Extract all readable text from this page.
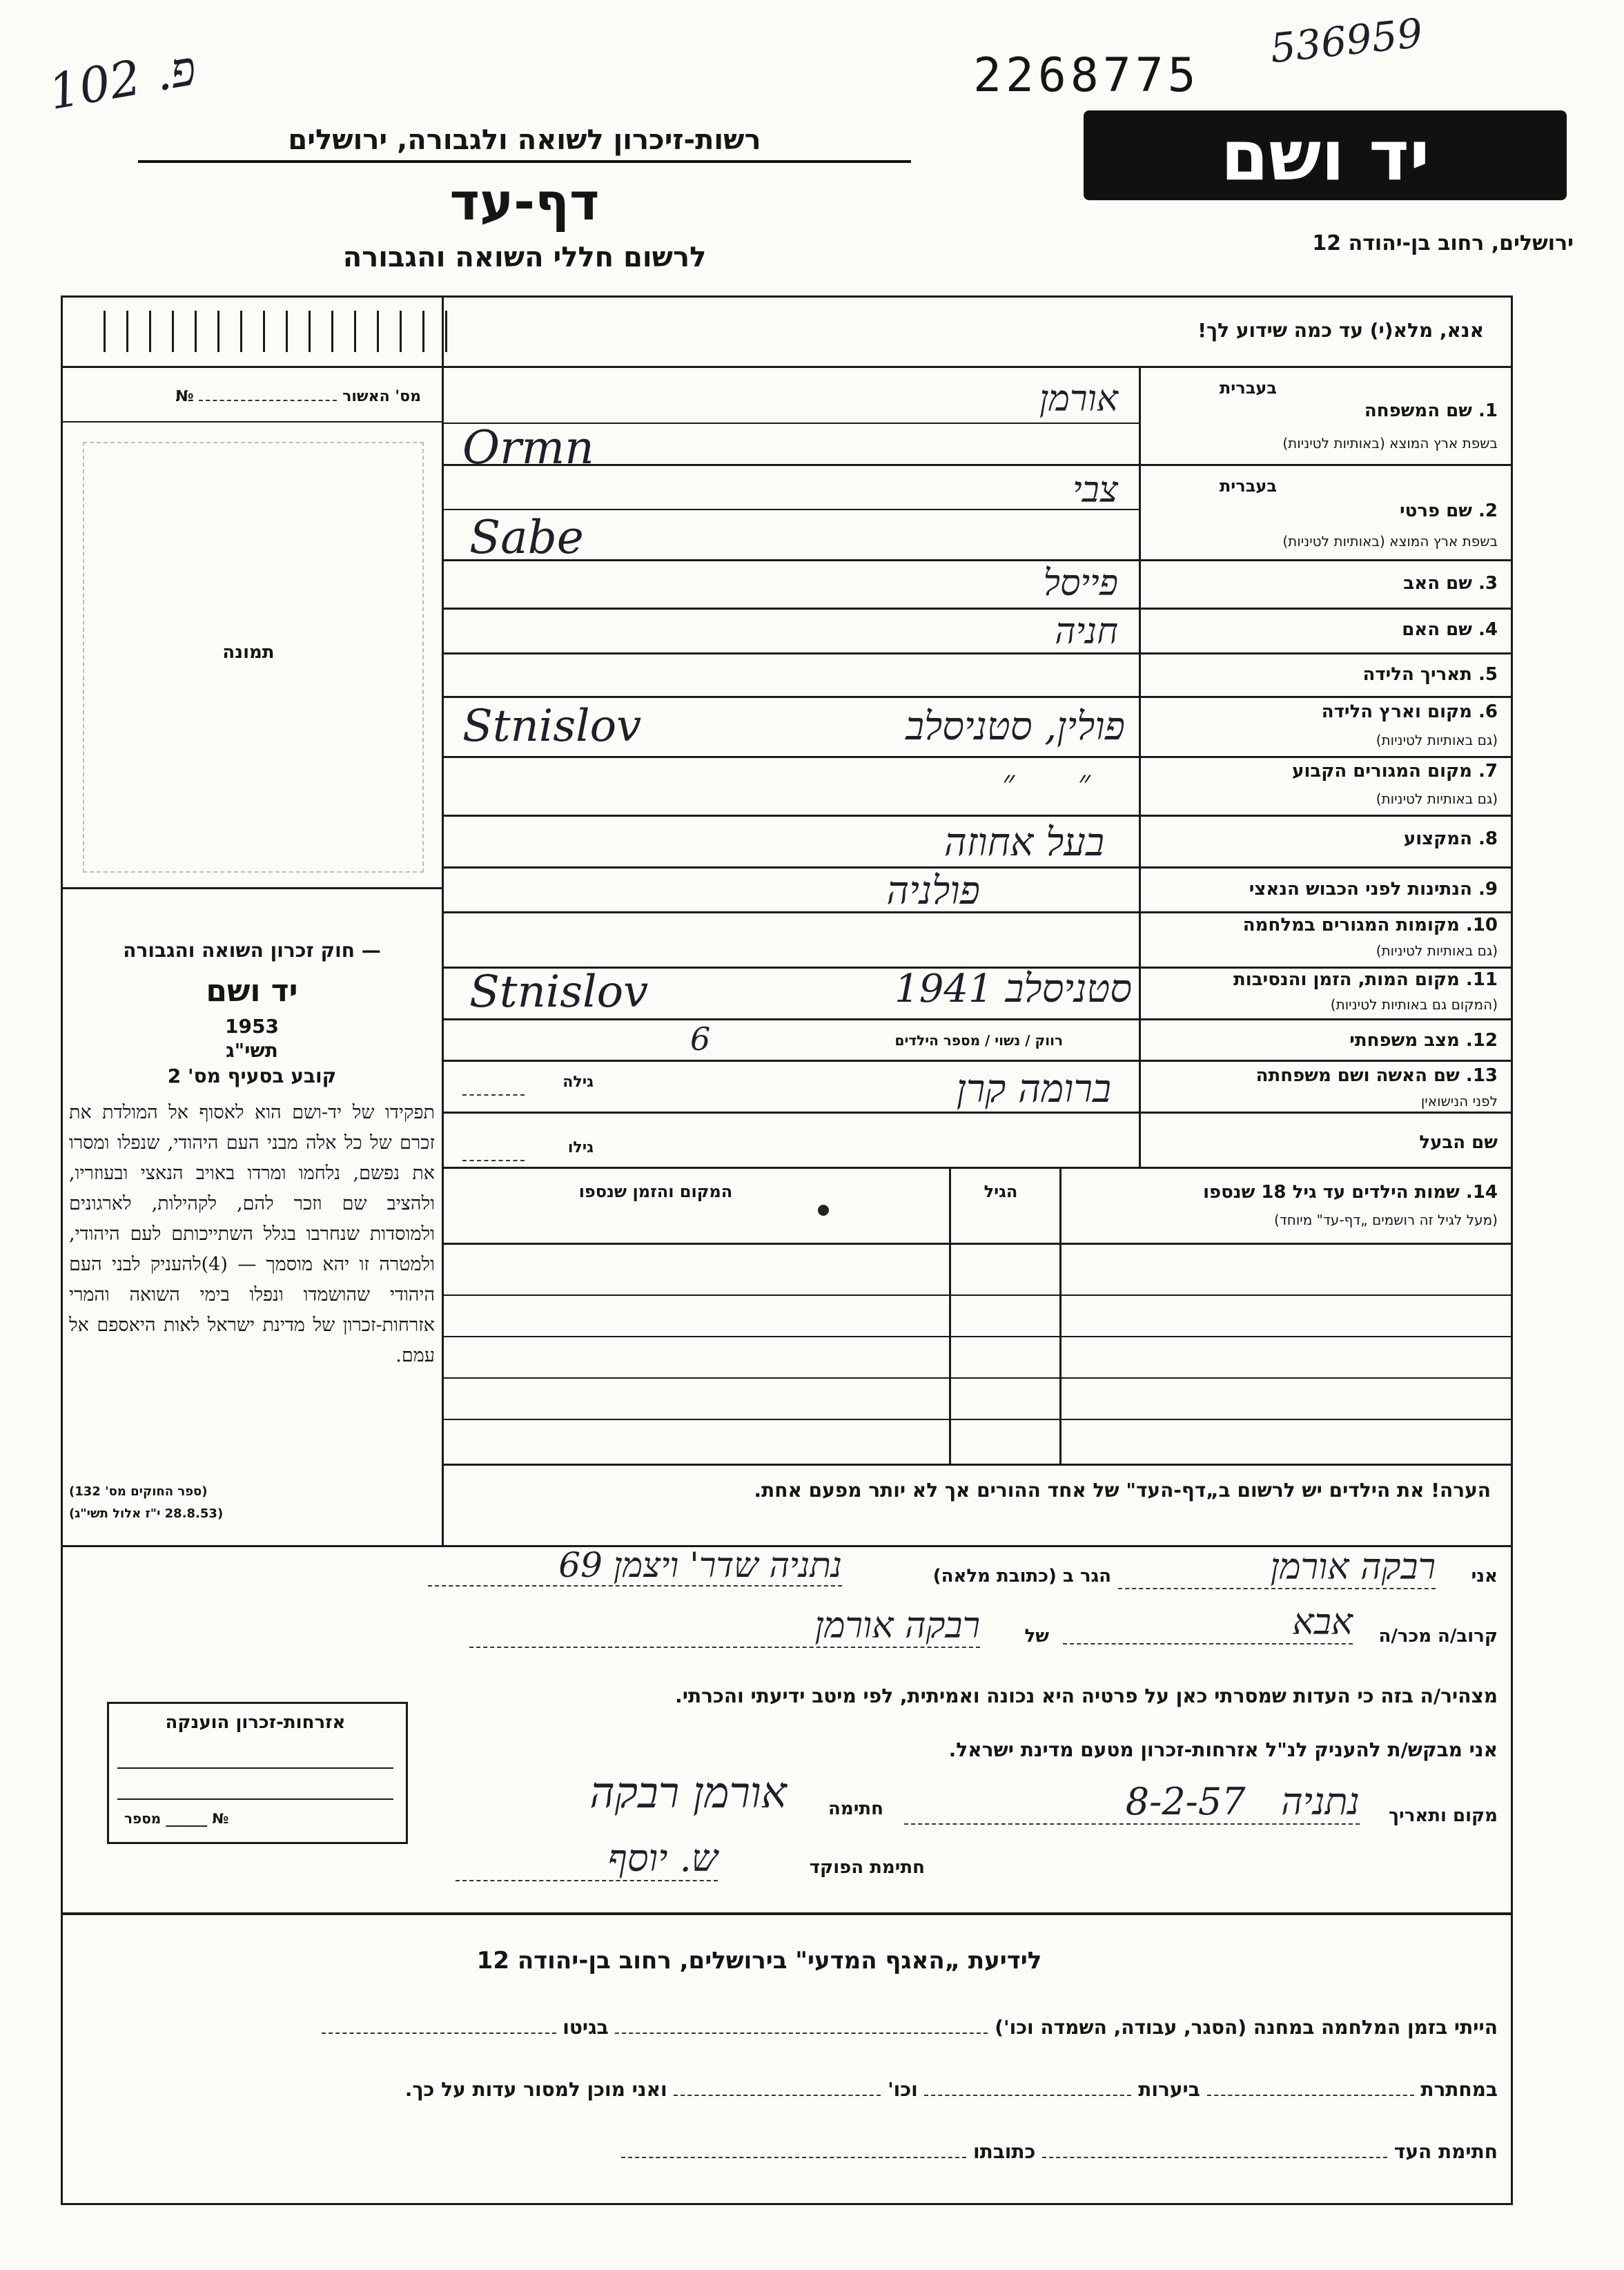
פ. 102	536959
2268775
יד ושם
רשות-זיכרון לשואה ולגבורה, ירושלים
דף-עד
לרשום חללי השואה והגבורה	ירושלים, רחוב בן-יהודה 12
מס' האשור  №
תמונה
אנא, מלא(י) עד כמה שידוע לך!
בעברית
1. שם המשפחה
בשפת ארץ המוצא (באותיות לטיניות)
אורמן
Ormn
בעברית
2. שם פרטי
בשפת ארץ המוצא (באותיות לטיניות)
צבי
Sabe
3. שם האב
פייסל
4. שם האם
חניה
5. תאריך הלידה
6. מקום וארץ הלידה
(גם באותיות לטיניות)
פולין, סטניסלב
Stnislov
7. מקום המגורים הקבוע
(גם באותיות לטיניות)
״      ״
8. המקצוע
בעל אחוזה
9. הנתינות לפני הכבוש הנאצי
פולניה
10. מקומות המגורים במלחמה
(גם באותיות לטיניות)
11. מקום המות, הזמן והנסיבות
(המקום גם באותיות לטיניות)
סטניסלב 1941
Stnislov
12. מצב משפחתי
רווק / נשוי / מספר הילדים
6
13. שם האשה ושם משפחתה
לפני הנישואין
ברומה קרן
גילה
שם הבעל
גילו
14. שמות הילדים עד גיל 18 שנספו
(מעל לגיל זה רושמים „דף-עד" מיוחד)
הגיל
המקום והזמן שנספו
הערה! את הילדים יש לרשום ב„דף-העד" של אחד ההורים אך לא יותר מפעם אחת.
— חוק זכרון השואה והגבורה
יד ושם
1953
תשי"ג
קובע בסעיף מס' 2
תפקידו של יד-ושם הוא לאסוף אל המולדת את זכרם של כל אלה מבני העם היהודי, שנפלו ומסרו את נפשם, נלחמו ומרדו באויב הנאצי ובעוזריו, ולהציב שם וזכר להם, לקהילות, לארגונים ולמוסדות שנחרבו בגלל השתייכותם לעם היהודי, ולמטרה זו יהא מוסמך — (4)להעניק לבני העם היהודי שהושמדו ונפלו בימי השואה והמרי אזרחות-זכרון של מדינת ישראל לאות היאספם אל עמם.
(ספר החוקים מס' 132)
(28.8.53 י"ז אלול תשי"ג)
אני
רבקה אורמן
הגר ב (כתובת מלאה)
נתניה שדר' ויצמן 69
קרוב/ה מכר/ה
אבא
של
רבקה אורמן
מצהיר/ה בזה כי העדות שמסרתי כאן על פרטיה היא נכונה ואמיתית, לפי מיטב ידיעתי והכרתי.
אני מבקש/ת להעניק לנ"ל אזרחות-זכרון מטעם מדינת ישראל.
מקום ותאריך
נתניה   8-2-57
חתימה
אורמן רבקה
חתימת הפוקד
ש. יוסף
אזרחות-זכרון הוענקה
№ ______ מספר
לידיעת „האגף המדעי" בירושלים, רחוב בן-יהודה 12
הייתי בזמן המלחמה במחנה (הסגר, עבודה, השמדה וכו')  בגיטו
במחתרת  ביערות  וכו'  ואני מוכן למסור עדות על כך.
חתימת העד  כתובתו
